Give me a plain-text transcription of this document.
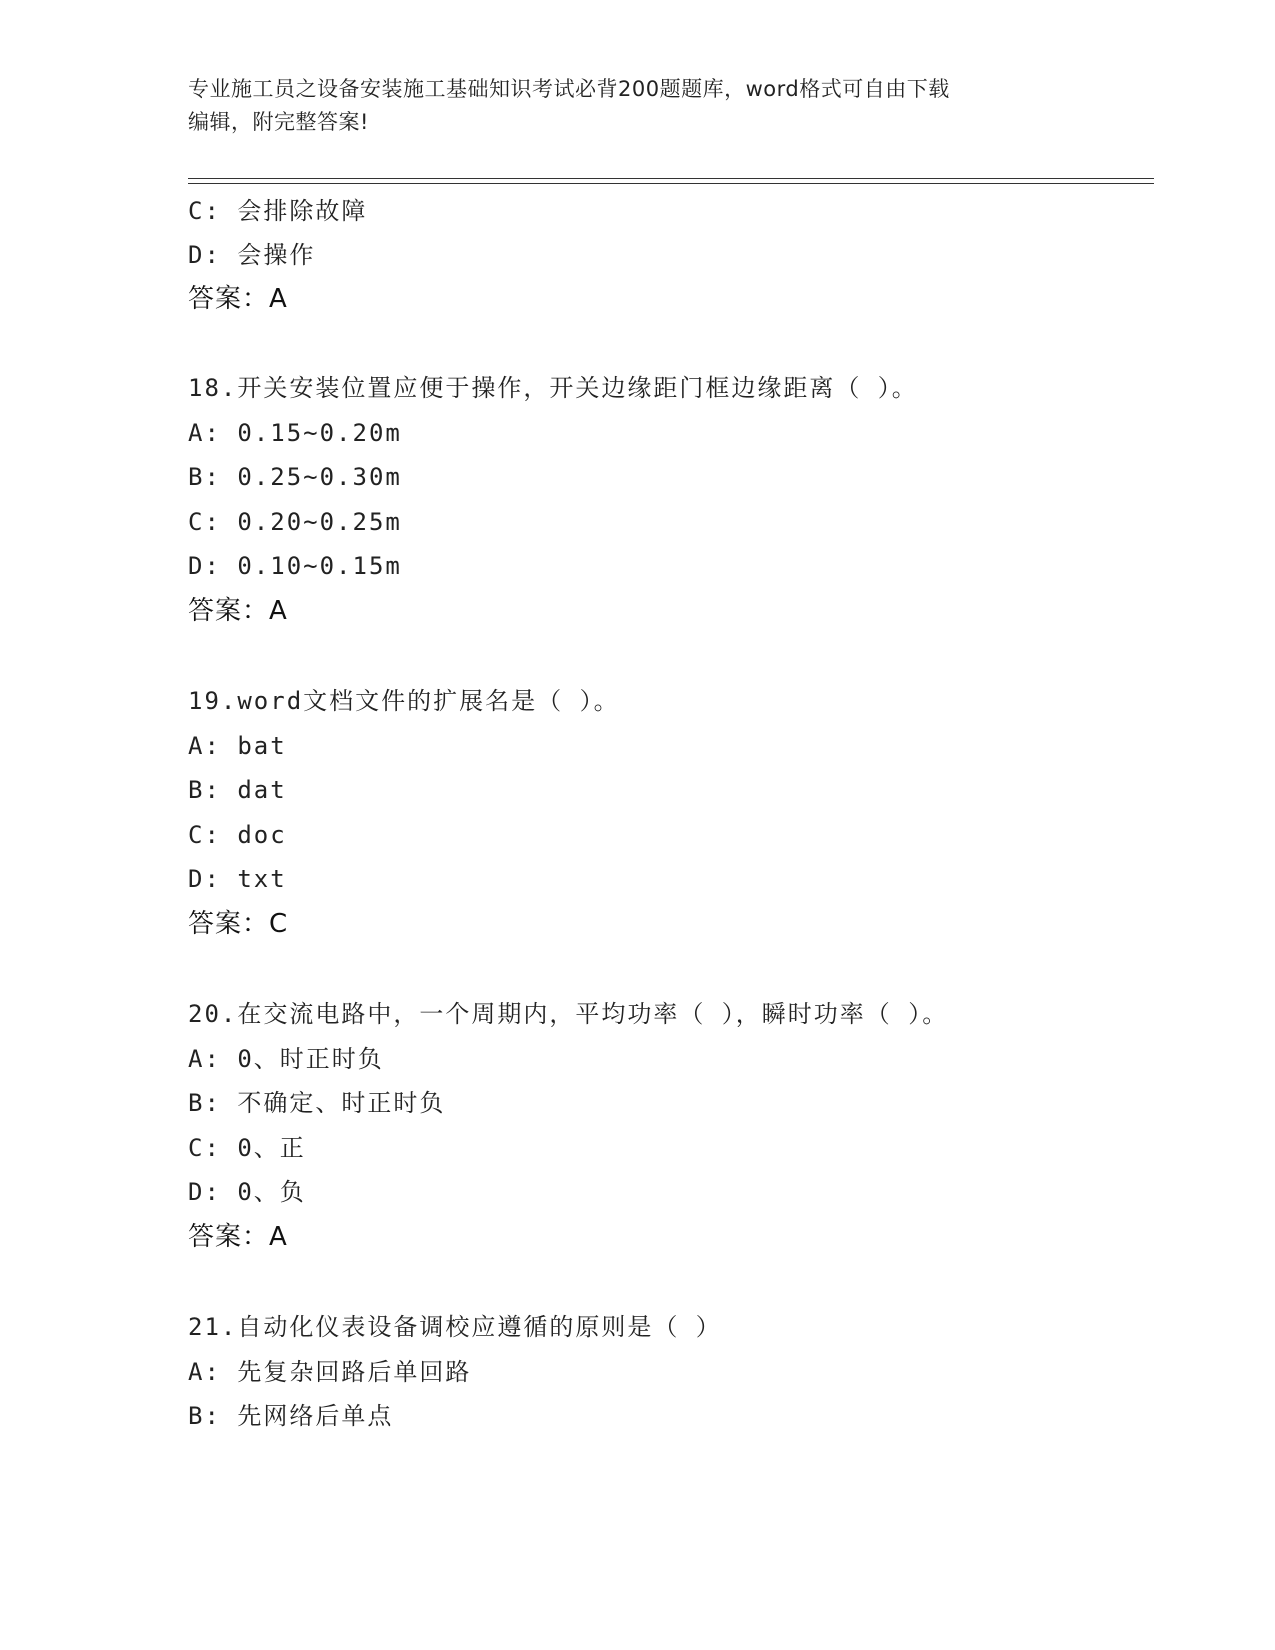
专业施工员之设备安装施工基础知识考试必背200题题库，word格式可自由下载
编辑，附完整答案!
C: 会排除故障
D: 会操作
答案：A
18.开关安装位置应便于操作，开关边缘距门框边缘距离（ ）。
A: 0.15~0.20m
B: 0.25~0.30m
C: 0.20~0.25m
D: 0.10~0.15m
答案：A
19.word文档文件的扩展名是（ ）。
A: bat
B: dat
C: doc
D: txt
答案：C
20.在交流电路中，一个周期内，平均功率（ ），瞬时功率（ ）。
A: 0、时正时负
B: 不确定、时正时负
C: 0、正
D: 0、负
答案：A
21.自动化仪表设备调校应遵循的原则是（ ）
A: 先复杂回路后单回路
B: 先网络后单点
